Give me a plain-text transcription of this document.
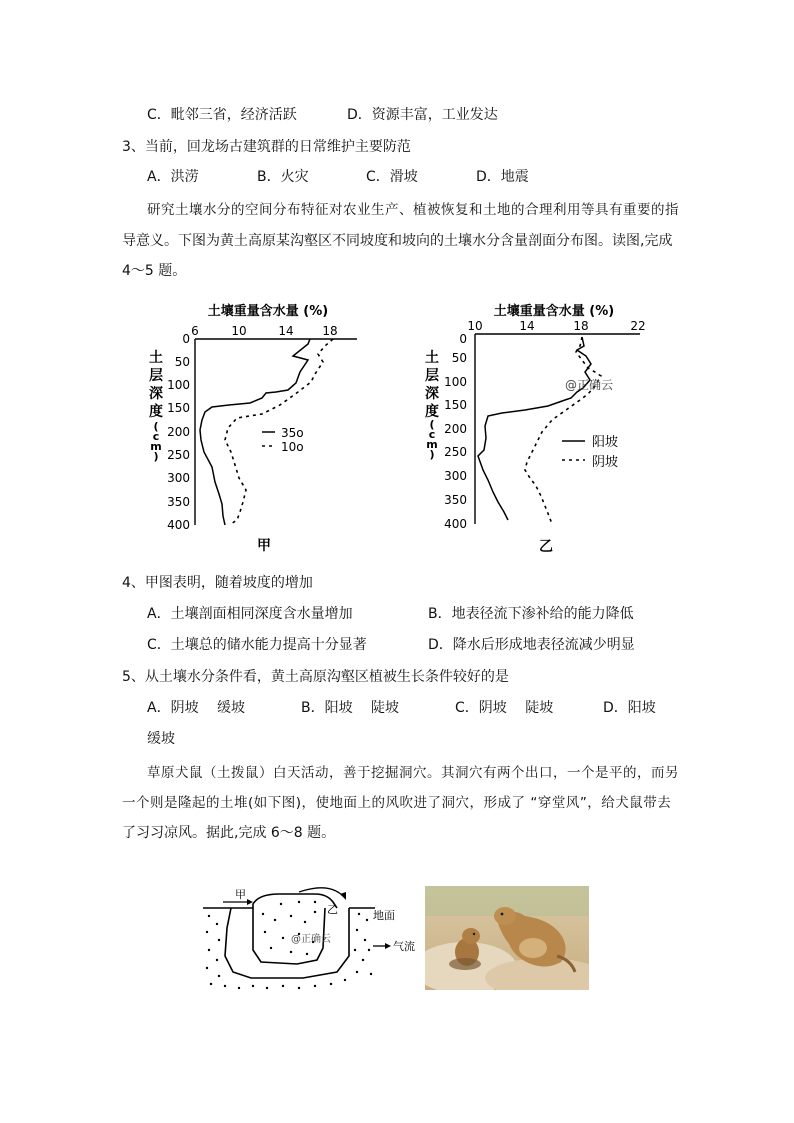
C．毗邻三省，经济活跃	D．资源丰富，工业发达
3、当前，回龙场古建筑群的日常维护主要防范
A．洪涝	B．火灾	C．滑坡	D．地震
研究土壤水分的空间分布特征对农业生产、植被恢复和土地的合理利用等具有重要的指
导意义。下图为黄土高原某沟壑区不同坡度和坡向的土壤水分含量剖面分布图。读图,完成
4～5 题。
土壤重量含水量 (%)
6	10	14 18
0
50
100
150
200
250
300
350
400
土
层
深
度
(
c
m
)
35o
10o
甲
土壤重量含水量 (%)
10	14	18	22
0
50
100
150
200
250
300
350
400
土
层
深
度
(
c
m
)
@正确云
阳坡
阴坡
乙
4、甲图表明，随着坡度的增加
A．土壤剖面相同深度含水量增加	B．地表径流下渗补给的能力降低
C．土壤总的储水能力提高十分显著	D．降水后形成地表径流减少明显
5、从土壤水分条件看，黄土高原沟壑区植被生长条件较好的是
A．阴坡　 缓坡	B．阳坡　 陡坡	C．阴坡　 陡坡	D．阳坡
缓坡
草原犬鼠（土拨鼠）白天活动，善于挖掘洞穴。其洞穴有两个出口，一个是平的，而另
一个则是隆起的土堆(如下图)，使地面上的风吹进了洞穴，形成了 “穿堂风”，给犬鼠带去
了习习凉风。据此,完成 6～8 题。
甲
乙	地面
气流
@正确云
